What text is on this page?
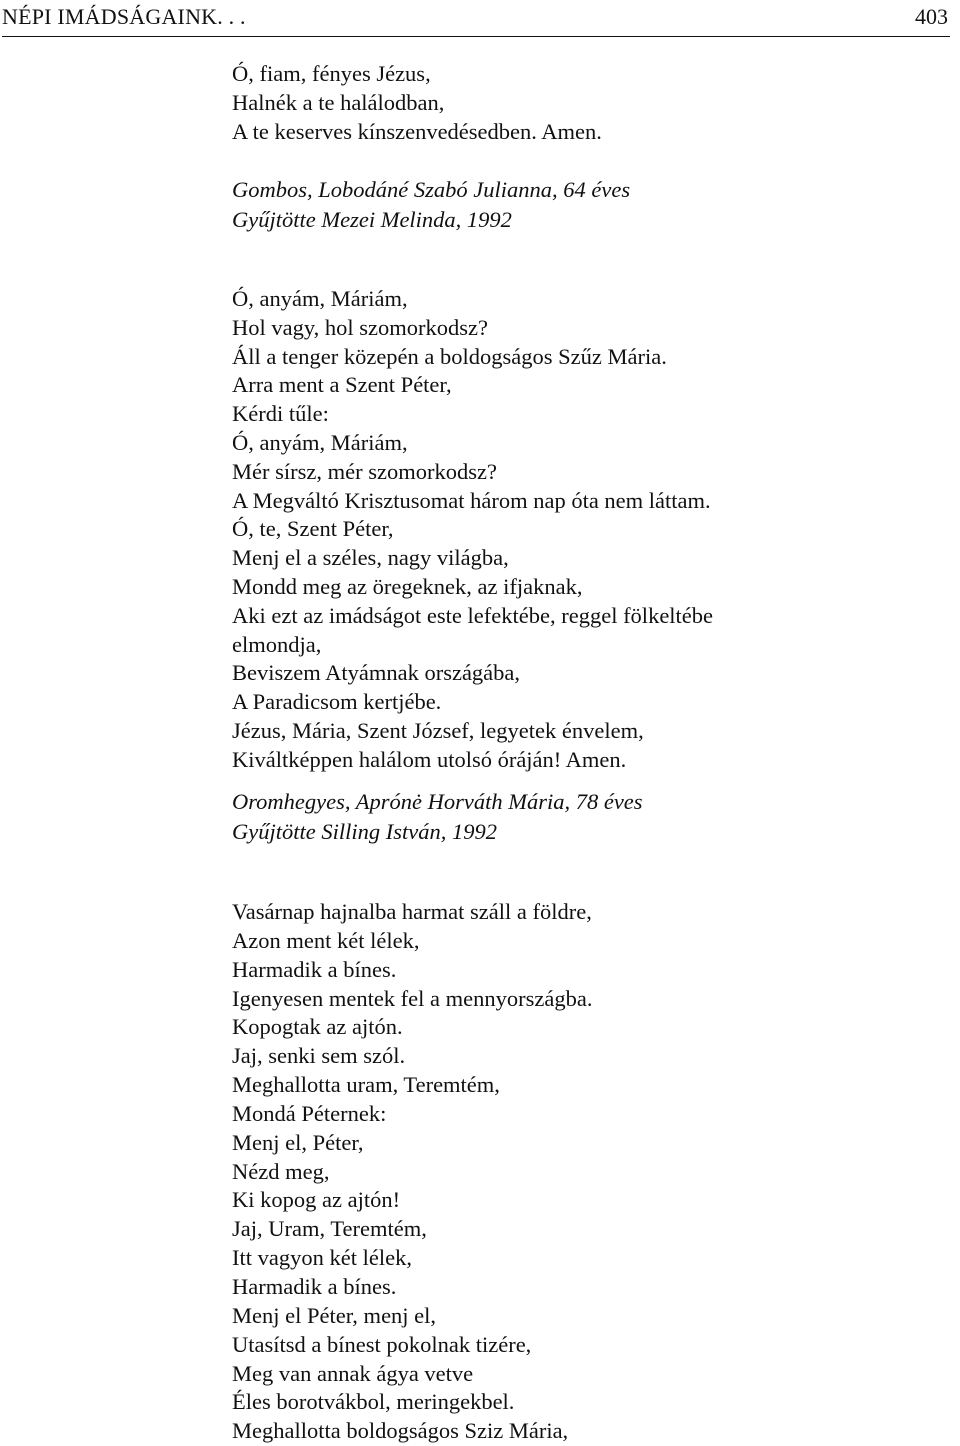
NÉPI IMÁDSÁGAINK. . .	403
Ó, fiam, fényes Jézus,
Halnék a te halálodban,
A te keserves kínszenvedésedben. Amen.
Gombos, Lobodáné Szabó Julianna, 64 éves
Gyűjtötte Mezei Melinda, 1992
Ó, anyám, Máriám,
Hol vagy, hol szomorkodsz?
Áll a tenger közepén a boldogságos Szűz Mária.
Arra ment a Szent Péter,
Kérdi tűle:
Ó, anyám, Máriám,
Mér sírsz, mér szomorkodsz?
A Megváltó Krisztusomat három nap óta nem láttam.
Ó, te, Szent Péter,
Menj el a széles, nagy világba,
Mondd meg az öregeknek, az ifjaknak,
Aki ezt az imádságot este lefektébe, reggel fölkeltébe
elmondja,
Beviszem Atyámnak országába,
A Paradicsom kertjébe.
Jézus, Mária, Szent József, legyetek énvelem,
Kiváltképpen halálom utolsó óráján! Amen.
Oromhegyes, Aprónė Horváth Mária, 78 éves
Gyűjtötte Silling István, 1992
Vasárnap hajnalba harmat száll a földre,
Azon ment két lélek,
Harmadik a bínes.
Igenyesen mentek fel a mennyországba.
Kopogtak az ajtón.
Jaj, senki sem szól.
Meghallotta uram, Teremtém,
Mondá Péternek:
Menj el, Péter,
Nézd meg,
Ki kopog az ajtón!
Jaj, Uram, Teremtém,
Itt vagyon két lélek,
Harmadik a bínes.
Menj el Péter, menj el,
Utasítsd a bínest pokolnak tizére,
Meg van annak ágya vetve
Éles borotvákbol, meringekbel.
Meghallotta boldogságos Sziz Mária,
